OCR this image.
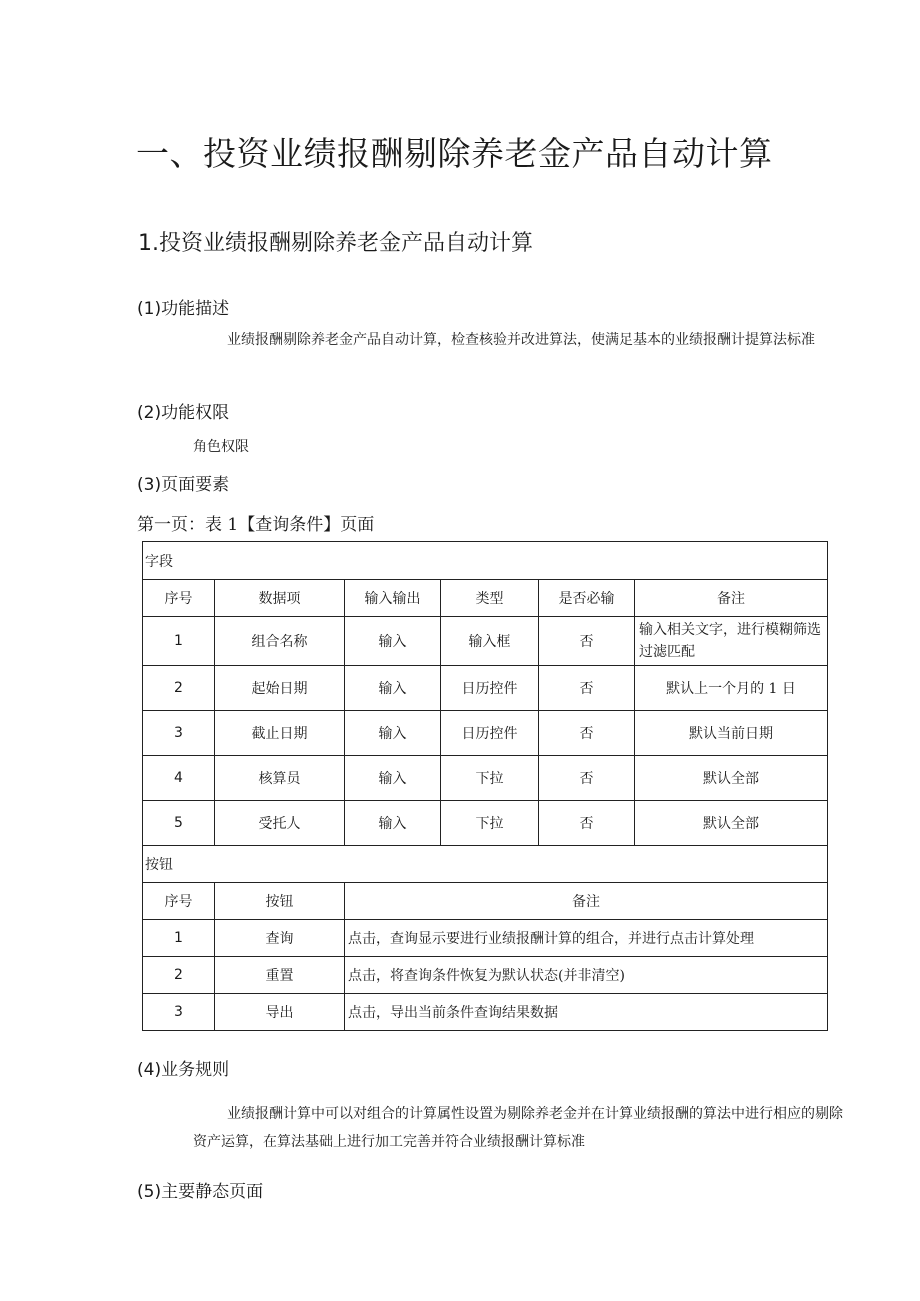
一、投资业绩报酬剔除养老金产品自动计算
1.投资业绩报酬剔除养老金产品自动计算
(1)功能描述
业绩报酬剔除养老金产品自动计算，检查核验并改进算法，使满足基本的业绩报酬计提算法标准
(2)功能权限
角色权限
(3)页面要素
第一页：表 1【查询条件】页面
字段					
序号	数据项	输入输出	类型	是否必输	备注
1	组合名称	输入	输入框	否	输入相关文字，进行模糊筛选过滤匹配
2	起始日期	输入	日历控件	否	默认上一个月的 1 日
3	截止日期	输入	日历控件	否	默认当前日期
4	核算员	输入	下拉	否	默认全部
5	受托人	输入	下拉	否	默认全部
按钮					
序号	按钮	备注			
1	查询	点击，查询显示要进行业绩报酬计算的组合，并进行点击计算处理			
2	重置	点击，将查询条件恢复为默认状态(并非清空)			
3	导出	点击，导出当前条件查询结果数据			
(4)业务规则
业绩报酬计算中可以对组合的计算属性设置为剔除养老金并在计算业绩报酬的算法中进行相应的剔除资产运算，在算法基础上进行加工完善并符合业绩报酬计算标准
(5)主要静态页面
